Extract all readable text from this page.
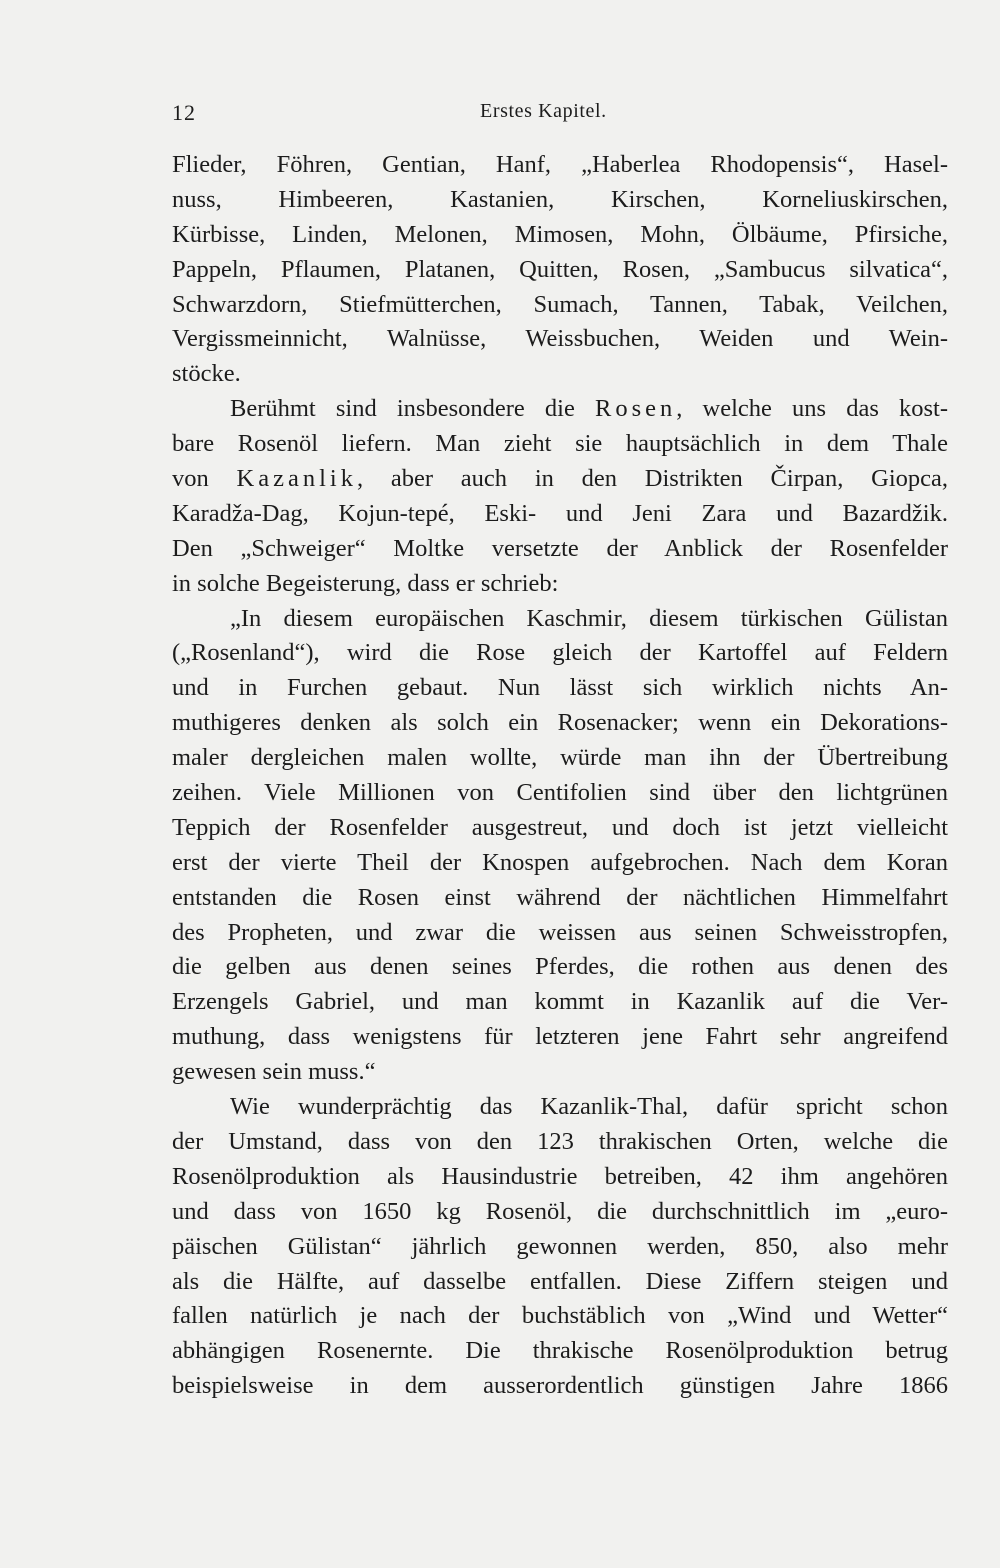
12	Erstes Kapitel.
Flieder, Föhren, Gentian, Hanf, „Haberlea Rhodopensis“, Hasel-
nuss, Himbeeren, Kastanien, Kirschen, Korneliuskirschen,
Kürbisse, Linden, Melonen, Mimosen, Mohn, Ölbäume, Pfirsiche,
Pappeln, Pflaumen, Platanen, Quitten, Rosen, „Sambucus silvatica“,
Schwarzdorn, Stiefmütterchen, Sumach, Tannen, Tabak, Veilchen,
Vergissmeinnicht, Walnüsse, Weissbuchen, Weiden und Wein-
stöcke.
Berühmt sind insbesondere die Rosen, welche uns das kost-
bare Rosenöl liefern. Man zieht sie hauptsächlich in dem Thale
von Kazanlik, aber auch in den Distrikten Čirpan, Giopca,
Karadža-Dag, Kojun-tepé, Eski- und Jeni Zara und Bazardžik.
Den „Schweiger“ Moltke versetzte der Anblick der Rosenfelder
in solche Begeisterung, dass er schrieb:
„In diesem europäischen Kaschmir, diesem türkischen Gülistan
(„Rosenland“), wird die Rose gleich der Kartoffel auf Feldern
und in Furchen gebaut. Nun lässt sich wirklich nichts An-
muthigeres denken als solch ein Rosenacker; wenn ein Dekorations-
maler dergleichen malen wollte, würde man ihn der Übertreibung
zeihen. Viele Millionen von Centifolien sind über den lichtgrünen
Teppich der Rosenfelder ausgestreut, und doch ist jetzt vielleicht
erst der vierte Theil der Knospen aufgebrochen. Nach dem Koran
entstanden die Rosen einst während der nächtlichen Himmelfahrt
des Propheten, und zwar die weissen aus seinen Schweisstropfen,
die gelben aus denen seines Pferdes, die rothen aus denen des
Erzengels Gabriel, und man kommt in Kazanlik auf die Ver-
muthung, dass wenigstens für letzteren jene Fahrt sehr angreifend
gewesen sein muss.“
Wie wunderprächtig das Kazanlik-Thal, dafür spricht schon
der Umstand, dass von den 123 thrakischen Orten, welche die
Rosenölproduktion als Hausindustrie betreiben, 42 ihm angehören
und dass von 1650 kg Rosenöl, die durchschnittlich im „euro-
päischen Gülistan“ jährlich gewonnen werden, 850, also mehr
als die Hälfte, auf dasselbe entfallen. Diese Ziffern steigen und
fallen natürlich je nach der buchstäblich von „Wind und Wetter“
abhängigen Rosenernte. Die thrakische Rosenölproduktion betrug
beispielsweise in dem ausserordentlich günstigen Jahre 1866
